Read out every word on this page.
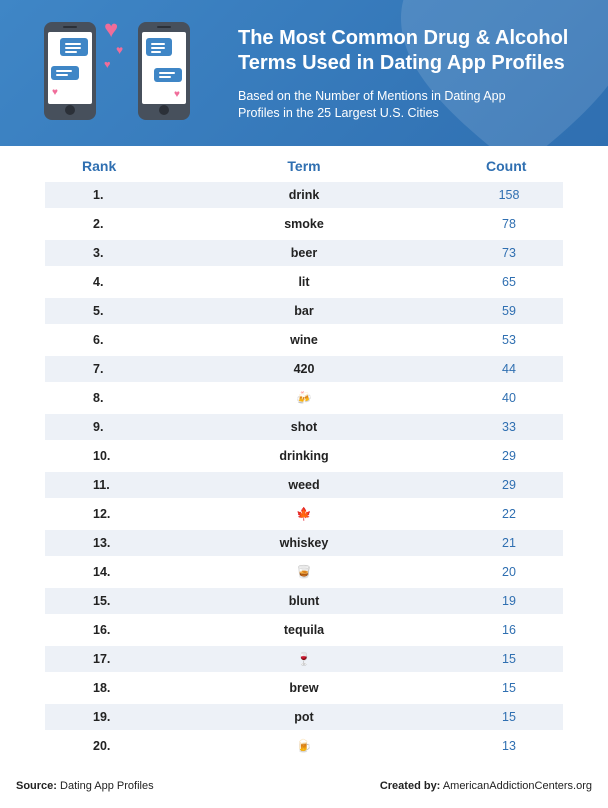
♥	♥
♥
♥
♥
The Most Common Drug & Alcohol
Terms Used in Dating App Profiles
Based on the Number of Mentions in Dating App
Profiles in the 25 Largest U.S. Cities
Rank	Term	Count
1.	drink	158
2.	smoke	78
3.	beer	73
4.	lit	65
5.	bar	59
6.	wine	53
7.	420	44
8.	🍻	40
9.	shot	33
10.	drinking	29
11.	weed	29
12.	🍁	22
13.	whiskey	21
14.	🥃	20
15.	blunt	19
16.	tequila	16
17.	🍷	15
18.	brew	15
19.	pot	15
20.	🍺	13
Source: Dating App Profiles	Created by: AmericanAddictionCenters.org
